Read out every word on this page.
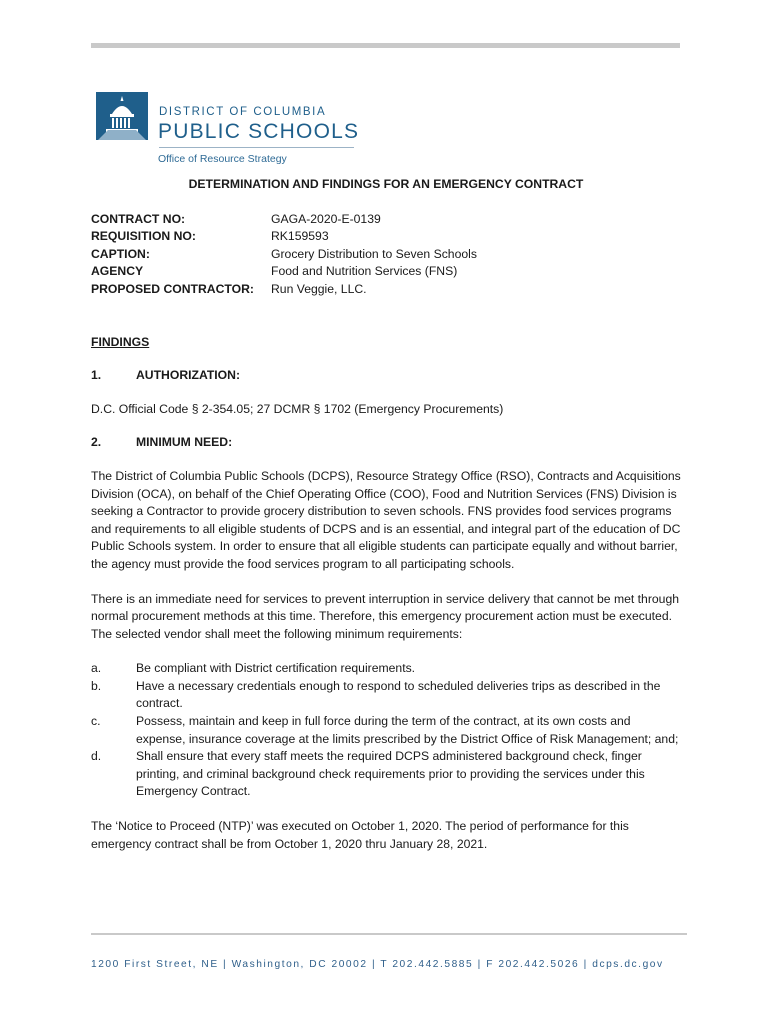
DISTRICT OF COLUMBIA
PUBLIC SCHOOLS
Office of Resource Strategy
DETERMINATION AND FINDINGS FOR AN EMERGENCY CONTRACT
CONTRACT NO:	GAGA-2020-E-0139
REQUISITION NO:	RK159593
CAPTION:	Grocery Distribution to Seven Schools
AGENCY	Food and Nutrition Services (FNS)
PROPOSED CONTRACTOR:	Run Veggie, LLC.
FINDINGS
1.	AUTHORIZATION:

D.C. Official Code § 2-354.05; 27 DCMR § 1702 (Emergency Procurements)

2.	MINIMUM NEED:

The District of Columbia Public Schools (DCPS), Resource Strategy Office (RSO), Contracts and Acquisitions Division (OCA), on behalf of the Chief Operating Office (COO), Food and Nutrition Services (FNS) Division is seeking a Contractor to provide grocery distribution to seven schools. FNS provides food services programs and requirements to all eligible students of DCPS and is an essential, and integral part of the education of DC Public Schools system. In order to ensure that all eligible students can participate equally and without barrier, the agency must provide the food services program to all participating schools.

There is an immediate need for services to prevent interruption in service delivery that cannot be met through normal procurement methods at this time. Therefore, this emergency procurement action must be executed. The selected vendor shall meet the following minimum requirements:

a.	Be compliant with District certification requirements.
b.	Have a necessary credentials enough to respond to scheduled deliveries trips as described in the contract.
c.	Possess, maintain and keep in full force during the term of the contract, at its own costs and expense, insurance coverage at the limits prescribed by the District Office of Risk Management; and;
d.	Shall ensure that every staff meets the required DCPS administered background check, finger printing, and criminal background check requirements prior to providing the services under this Emergency Contract.

The ‘Notice to Proceed (NTP)’ was executed on October 1, 2020. The period of performance for this emergency contract shall be from October 1, 2020 thru January 28, 2021.

1200 First Street, NE | Washington, DC 20002 | T 202.442.5885 | F 202.442.5026 | dcps.dc.gov
